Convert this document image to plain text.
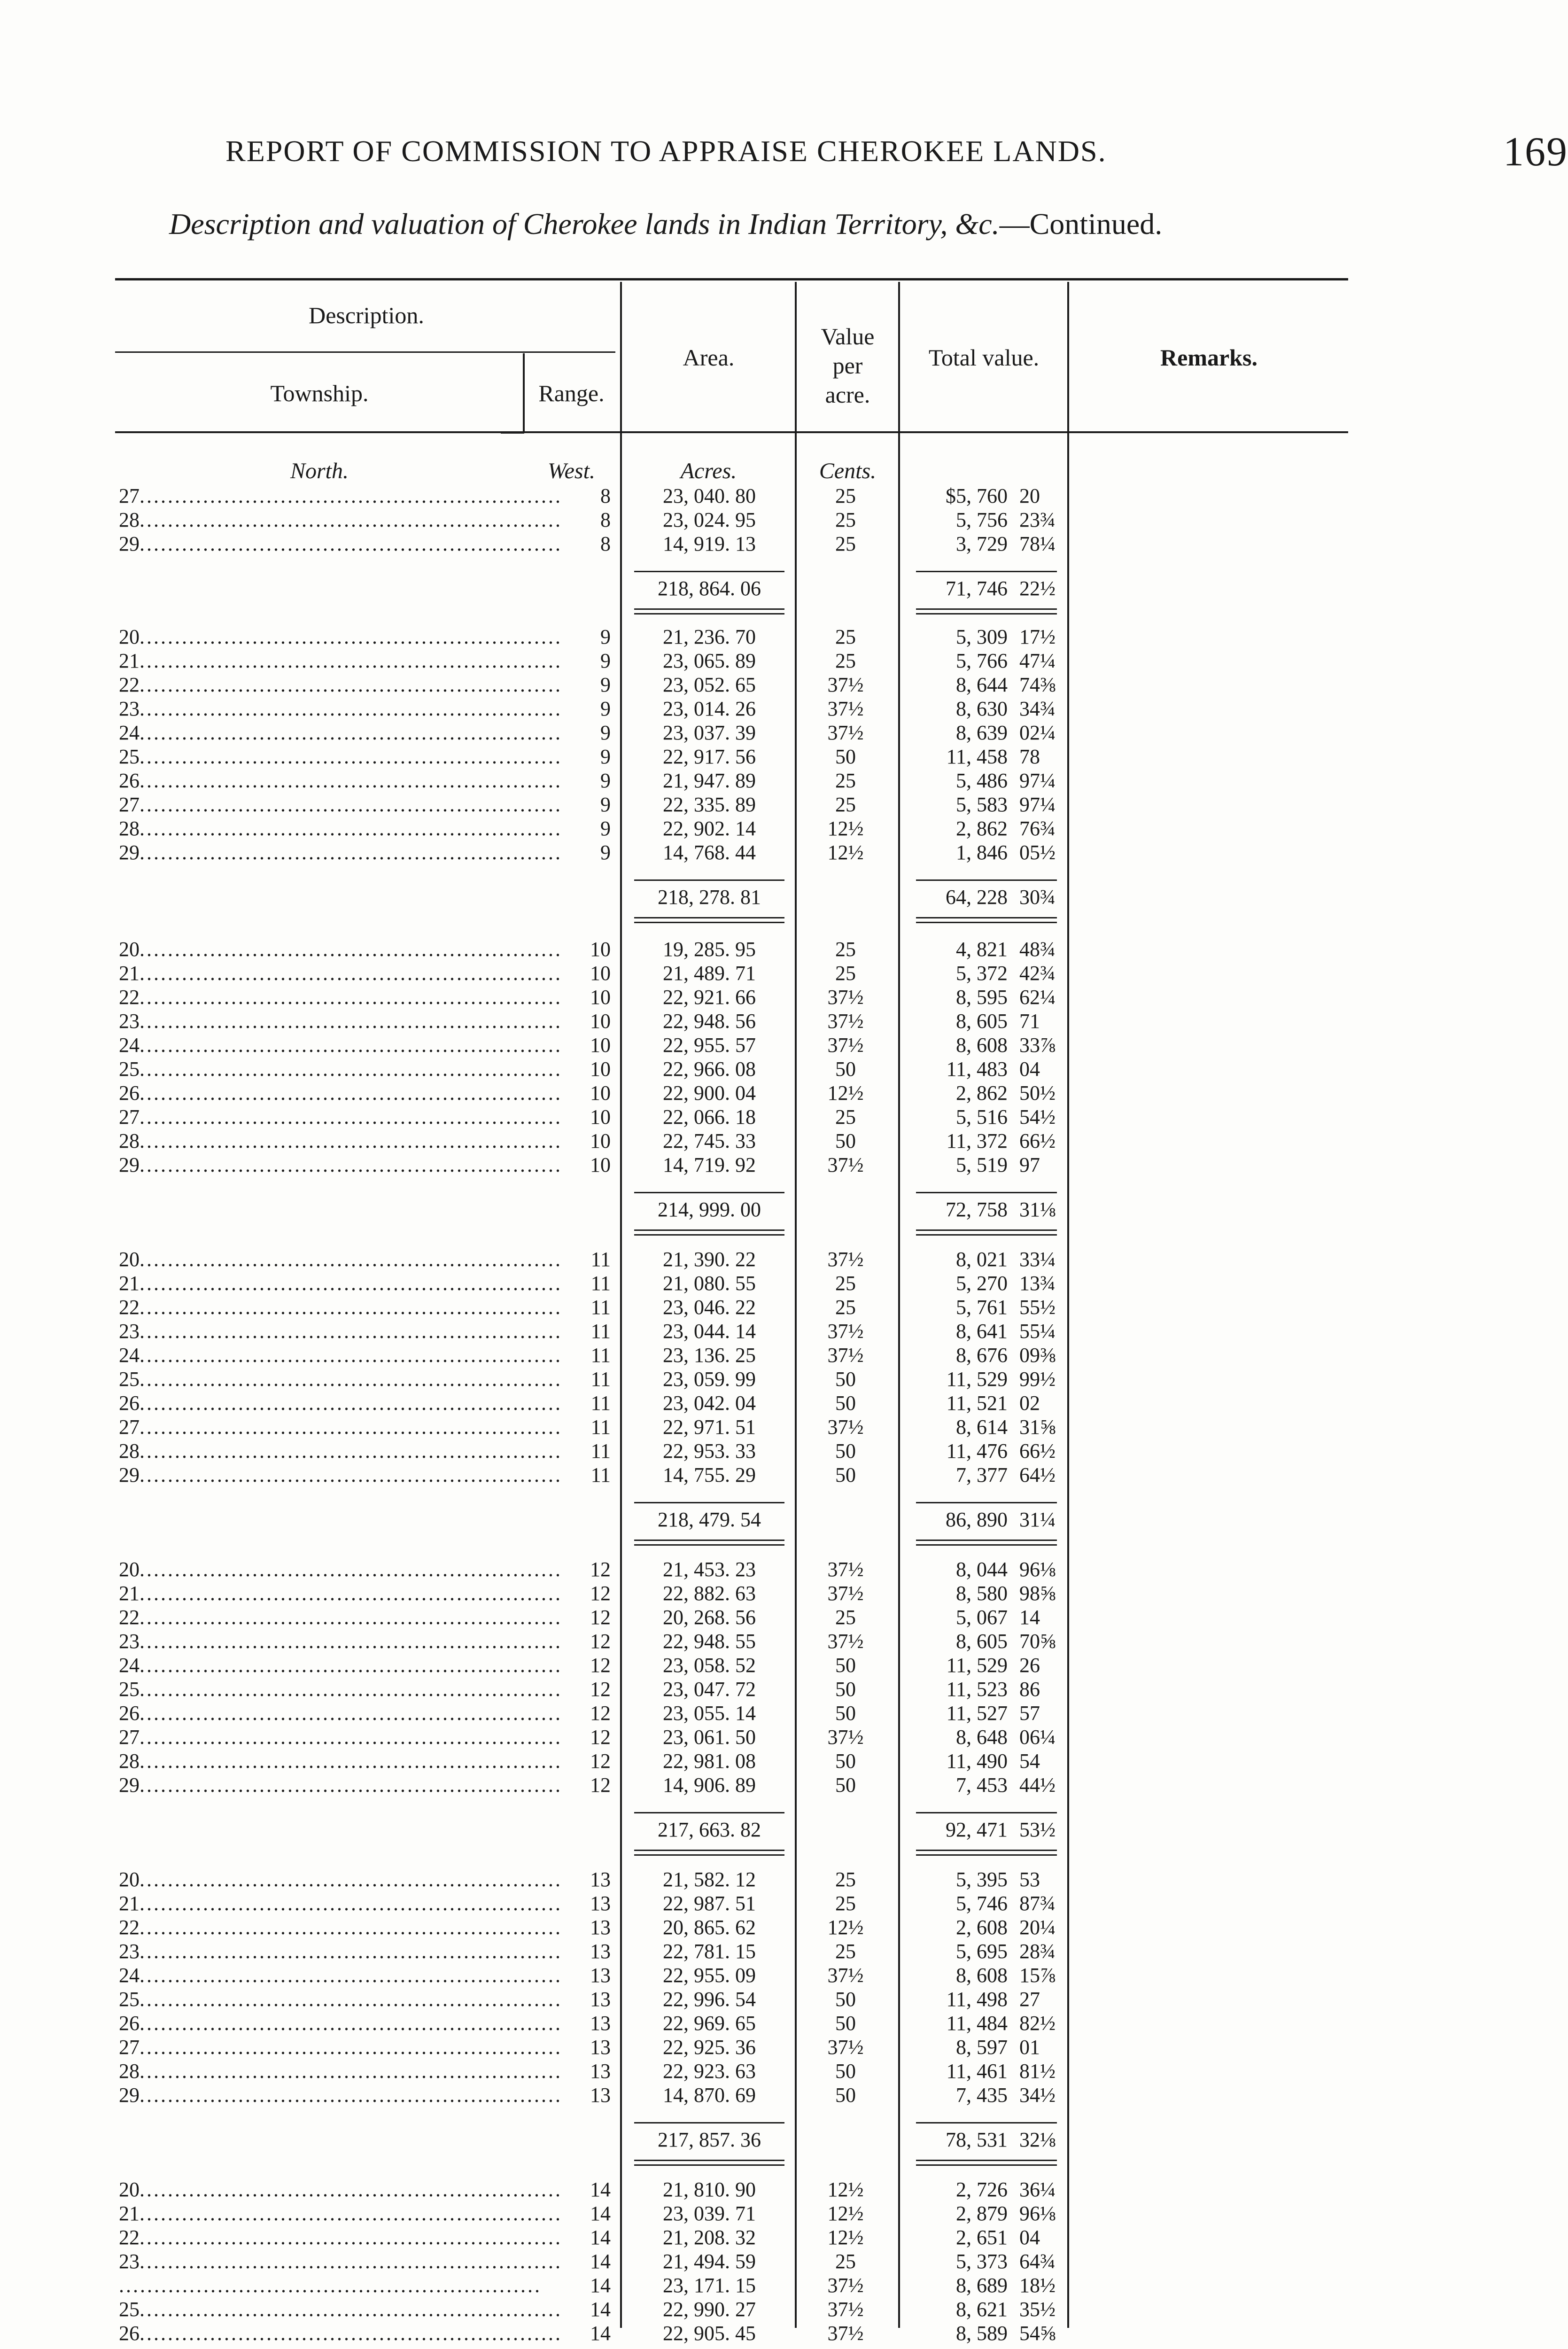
REPORT OF COMMISSION TO APPRAISE CHEROKEE LANDS.	169
Description and valuation of Cherokee lands in Indian Territory, &c.—Continued.
Description.
Township.	Range.
Area.
Value
per
acre.
Total value.	Remarks.
North.	West.	Acres.	Cents.
27............................................................	8	23, 040. 80	25	$5, 760 20
28............................................................	8	23, 024. 95	25	5, 756 23¾
29............................................................	8	14, 919. 13	25	3, 729 78¼
218, 864. 06	71, 746 22½
20............................................................	9	21, 236. 70	25	5, 309 17½
21............................................................	9	23, 065. 89	25	5, 766 47¼
22............................................................	9	23, 052. 65	37½	8, 644 74⅜
23............................................................	9	23, 014. 26	37½	8, 630 34¾
24............................................................	9	23, 037. 39	37½	8, 639 02¼
25............................................................	9	22, 917. 56	50	11, 458 78
26............................................................	9	21, 947. 89	25	5, 486 97¼
27............................................................	9	22, 335. 89	25	5, 583 97¼
28............................................................	9	22, 902. 14	12½	2, 862 76¾
29............................................................	9	14, 768. 44	12½	1, 846 05½
218, 278. 81	64, 228 30¾
20............................................................	10	19, 285. 95	25	4, 821 48¾
21............................................................	10	21, 489. 71	25	5, 372 42¾
22............................................................	10	22, 921. 66	37½	8, 595 62¼
23............................................................	10	22, 948. 56	37½	8, 605 71
24............................................................	10	22, 955. 57	37½	8, 608 33⅞
25............................................................	10	22, 966. 08	50	11, 483 04
26............................................................	10	22, 900. 04	12½	2, 862 50½
27............................................................	10	22, 066. 18	25	5, 516 54½
28............................................................	10	22, 745. 33	50	11, 372 66½
29............................................................	10	14, 719. 92	37½	5, 519 97
214, 999. 00	72, 758 31⅛
20............................................................	11	21, 390. 22	37½	8, 021 33¼
21............................................................	11	21, 080. 55	25	5, 270 13¾
22............................................................	11	23, 046. 22	25	5, 761 55½
23............................................................	11	23, 044. 14	37½	8, 641 55¼
24............................................................	11	23, 136. 25	37½	8, 676 09⅜
25............................................................	11	23, 059. 99	50	11, 529 99½
26............................................................	11	23, 042. 04	50	11, 521 02
27............................................................	11	22, 971. 51	37½	8, 614 31⅝
28............................................................	11	22, 953. 33	50	11, 476 66½
29............................................................	11	14, 755. 29	50	7, 377 64½
218, 479. 54	86, 890 31¼
20............................................................	12	21, 453. 23	37½	8, 044 96⅛
21............................................................	12	22, 882. 63	37½	8, 580 98⅝
22............................................................	12	20, 268. 56	25	5, 067 14
23............................................................	12	22, 948. 55	37½	8, 605 70⅝
24............................................................	12	23, 058. 52	50	11, 529 26
25............................................................	12	23, 047. 72	50	11, 523 86
26............................................................	12	23, 055. 14	50	11, 527 57
27............................................................	12	23, 061. 50	37½	8, 648 06¼
28............................................................	12	22, 981. 08	50	11, 490 54
29............................................................	12	14, 906. 89	50	7, 453 44½
217, 663. 82	92, 471 53½
20............................................................	13	21, 582. 12	25	5, 395 53
21............................................................	13	22, 987. 51	25	5, 746 87¾
22............................................................	13	20, 865. 62	12½	2, 608 20¼
23............................................................	13	22, 781. 15	25	5, 695 28¾
24............................................................	13	22, 955. 09	37½	8, 608 15⅞
25............................................................	13	22, 996. 54	50	11, 498 27
26............................................................	13	22, 969. 65	50	11, 484 82½
27............................................................	13	22, 925. 36	37½	8, 597 01
28............................................................	13	22, 923. 63	50	11, 461 81½
29............................................................	13	14, 870. 69	50	7, 435 34½
217, 857. 36	78, 531 32⅛
20............................................................	14	21, 810. 90	12½	2, 726 36¼
21............................................................	14	23, 039. 71	12½	2, 879 96⅛
22............................................................	14	21, 208. 32	12½	2, 651 04
23............................................................	14	21, 494. 59	25	5, 373 64¾
............................................................	14	23, 171. 15	37½	8, 689 18½
25............................................................	14	22, 990. 27	37½	8, 621 35½
26............................................................	14	22, 905. 45	37½	8, 589 54⅝
